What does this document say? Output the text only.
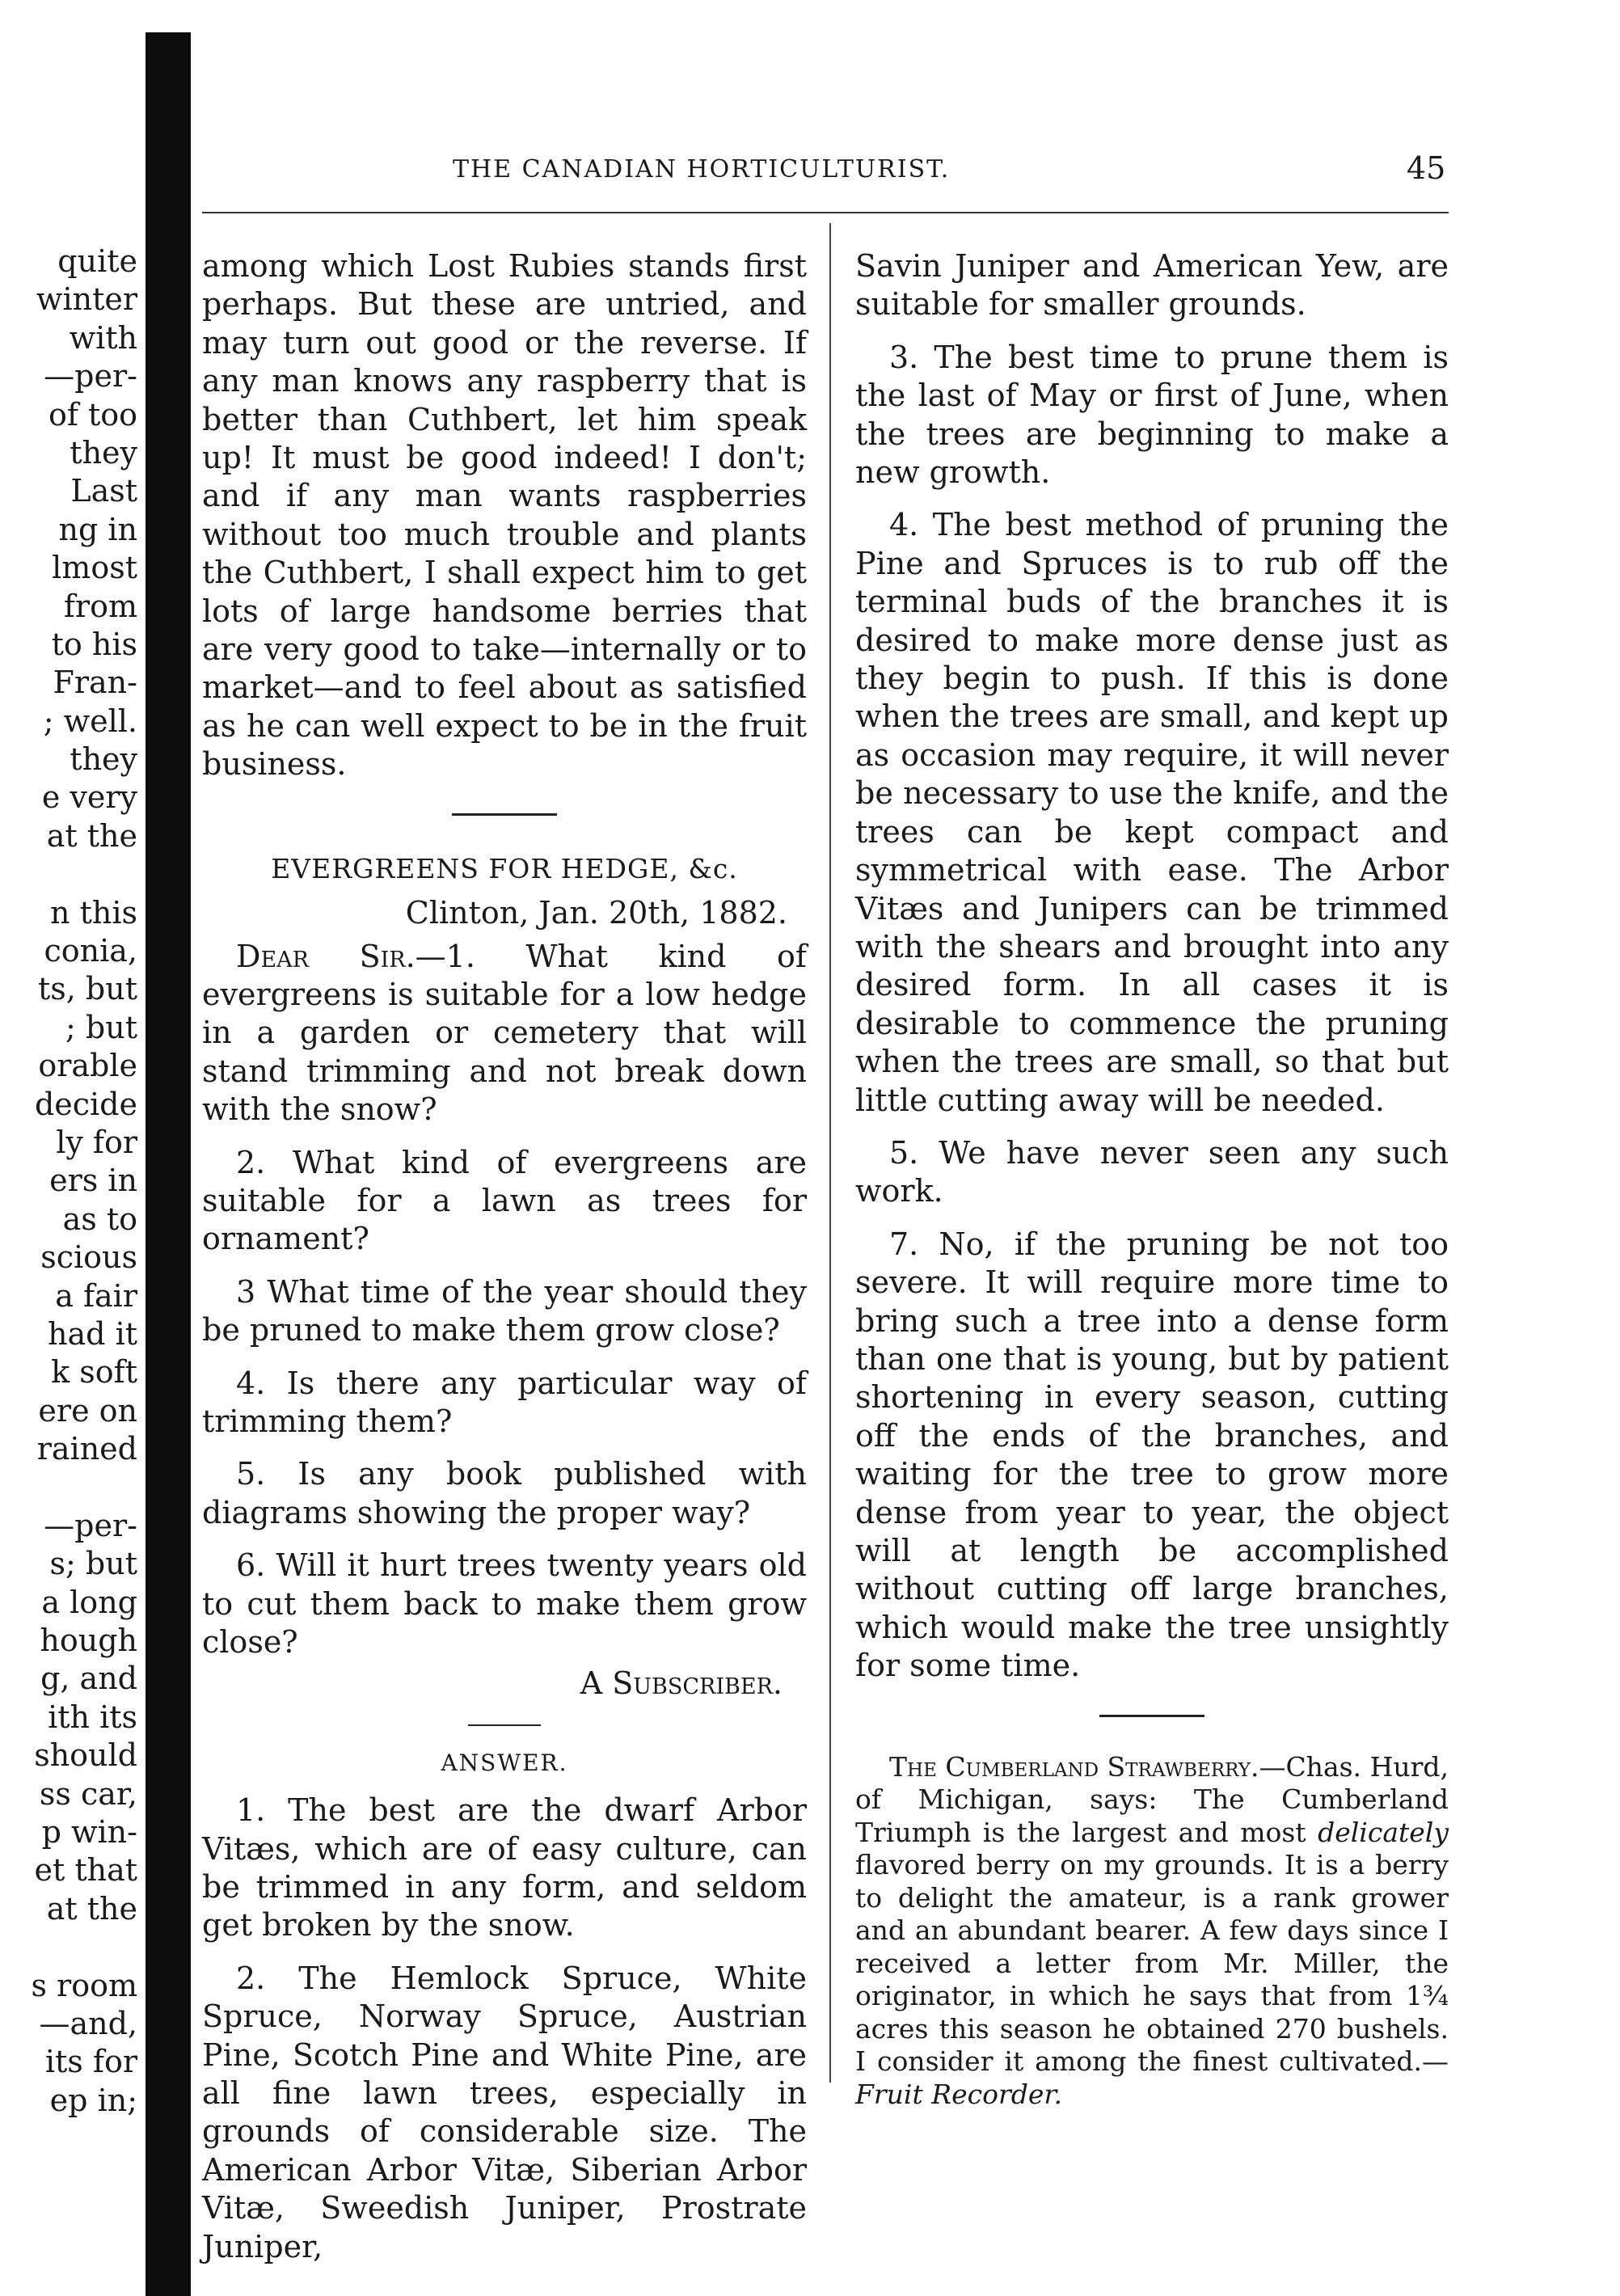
quite
winter
with
—per-
of too
they
Last
ng in
lmost
from
to his
Fran-
; well.
they
e very
at the
n this
conia,
ts, but
; but
orable
decide
ly for
ers in
as to
scious
a fair
had it
k soft
ere on
rained
—per-
s; but
a long
hough
g, and
ith its
should
ss car,
p win-
et that
at the
s room
—and,
its for
ep in;
THE CANADIAN HORTICULTURIST.	45

among which Lost Rubies stands first perhaps. But these are untried, and may turn out good or the reverse. If any man knows any raspberry that is better than Cuthbert, let him speak up! It must be good indeed! I don't; and if any man wants raspberries without too much trouble and plants the Cuthbert, I shall expect him to get lots of large handsome berries that are very good to take—internally or to market—and to feel about as satisfied as he can well expect to be in the fruit business.

EVERGREENS FOR HEDGE, &c.
Clinton, Jan. 20th, 1882.

Dear Sir.—1. What kind of evergreens is suitable for a low hedge in a garden or cemetery that will stand trimming and not break down with the snow?

2. What kind of evergreens are suitable for a lawn as trees for ornament?

3 What time of the year should they be pruned to make them grow close?

4. Is there any particular way of trimming them?

5. Is any book published with diagrams showing the proper way?

6. Will it hurt trees twenty years old to cut them back to make them grow close?

A Subscriber.
ANSWER.

1. The best are the dwarf Arbor Vitæs, which are of easy culture, can be trimmed in any form, and seldom get broken by the snow.

2. The Hemlock Spruce, White Spruce, Norway Spruce, Austrian Pine, Scotch Pine and White Pine, are all fine lawn trees, especially in grounds of considerable size. The American Arbor Vitæ, Siberian Arbor Vitæ, Sweedish Juniper, Prostrate Juniper,

Savin Juniper and American Yew, are suitable for smaller grounds.

3. The best time to prune them is the last of May or first of June, when the trees are beginning to make a new growth.

4. The best method of pruning the Pine and Spruces is to rub off the terminal buds of the branches it is desired to make more dense just as they begin to push. If this is done when the trees are small, and kept up as occasion may require, it will never be necessary to use the knife, and the trees can be kept compact and symmetrical with ease. The Arbor Vitæs and Junipers can be trimmed with the shears and brought into any desired form. In all cases it is desirable to commence the pruning when the trees are small, so that but little cutting away will be needed.

5. We have never seen any such work.

7. No, if the pruning be not too severe. It will require more time to bring such a tree into a dense form than one that is young, but by patient shortening in every season, cutting off the ends of the branches, and waiting for the tree to grow more dense from year to year, the object will at length be accomplished without cutting off large branches, which would make the tree unsightly for some time.

The Cumberland Strawberry.—Chas. Hurd, of Michigan, says: The Cumberland Triumph is the largest and most delicately flavored berry on my grounds. It is a berry to delight the amateur, is a rank grower and an abundant bearer. A few days since I received a letter from Mr. Miller, the originator, in which he says that from 1¾ acres this season he obtained 270 bushels. I consider it among the finest cultivated.—Fruit Recorder.
